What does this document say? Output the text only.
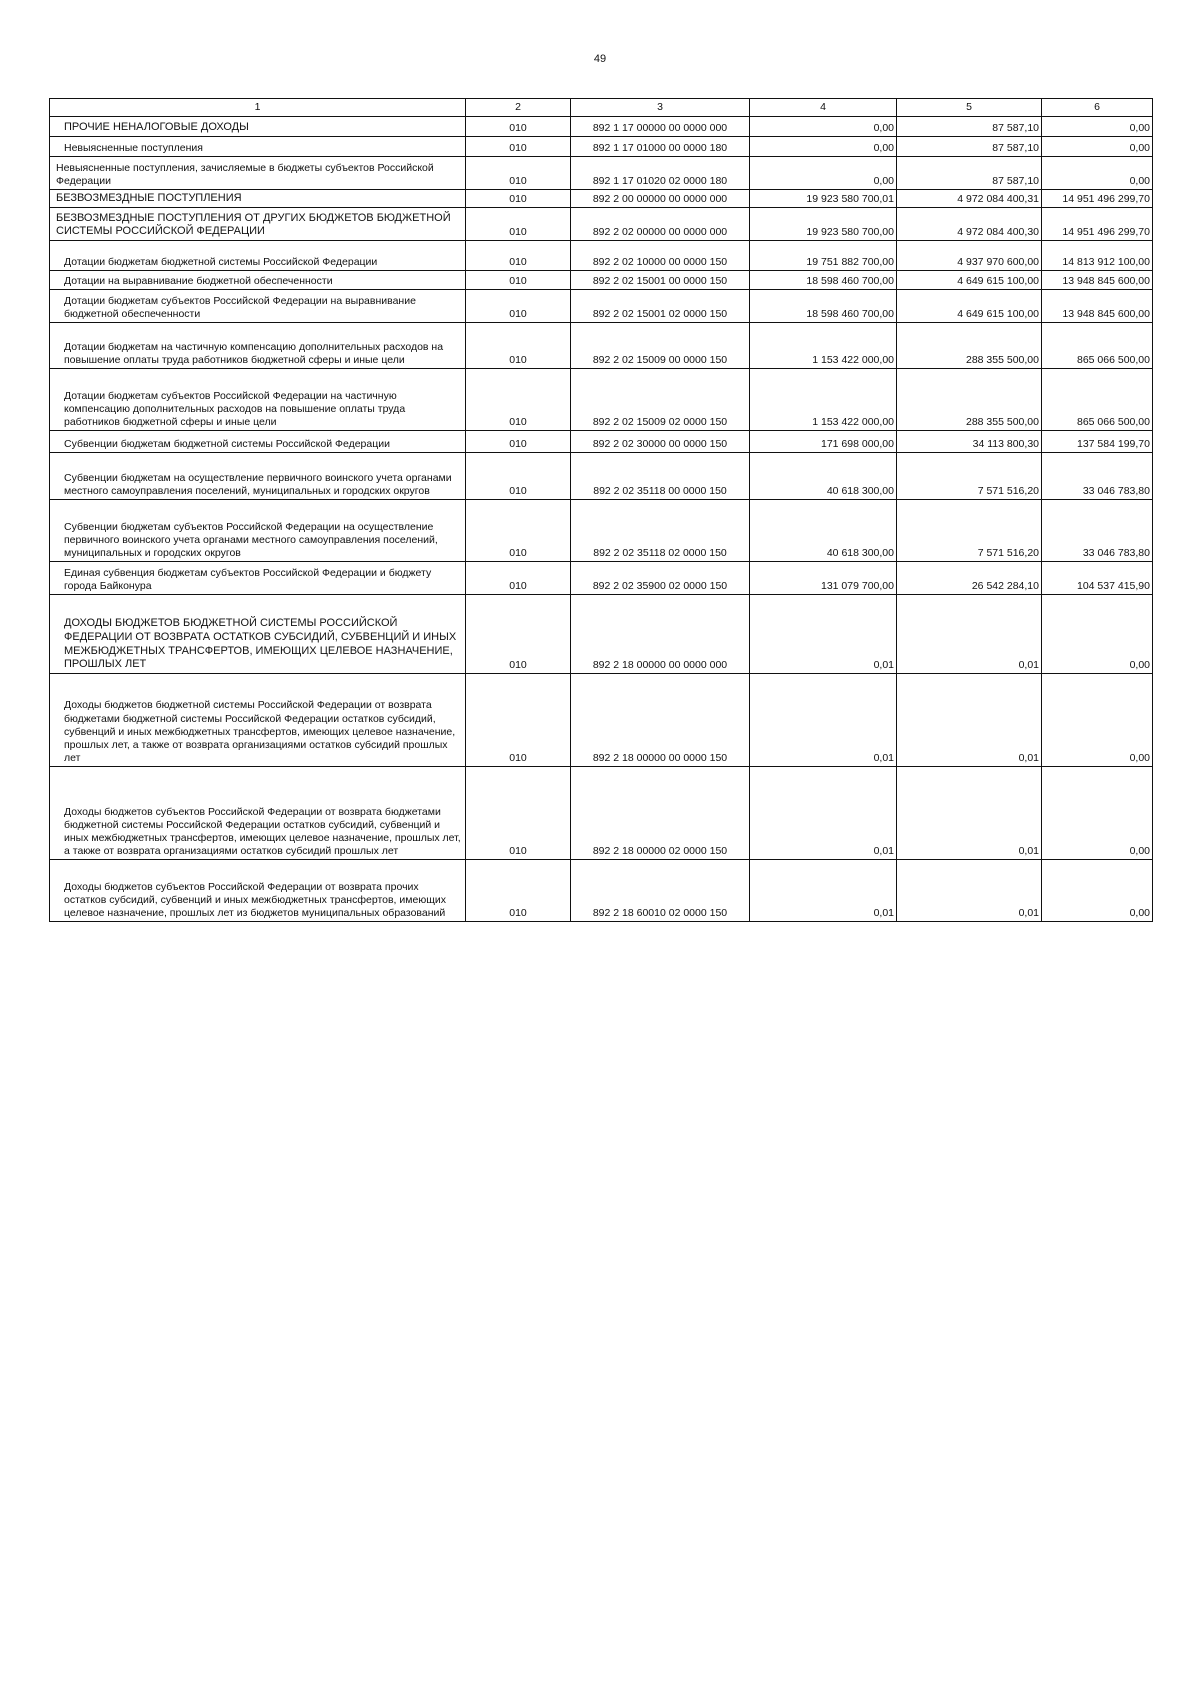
49
1	2	3	4	5	6
ПРОЧИЕ НЕНАЛОГОВЫЕ ДОХОДЫ	010	892 1 17 00000 00 0000 000	0,00	87 587,10	0,00
Невыясненные поступления	010	892 1 17 01000 00 0000 180	0,00	87 587,10	0,00
Невыясненные поступления, зачисляемые в бюджеты субъектов Российской Федерации	010	892 1 17 01020 02 0000 180	0,00	87 587,10	0,00
БЕЗВОЗМЕЗДНЫЕ ПОСТУПЛЕНИЯ	010	892 2 00 00000 00 0000 000	19 923 580 700,01	4 972 084 400,31	14 951 496 299,70
БЕЗВОЗМЕЗДНЫЕ ПОСТУПЛЕНИЯ ОТ ДРУГИХ БЮДЖЕТОВ БЮДЖЕТНОЙ СИСТЕМЫ РОССИЙСКОЙ ФЕДЕРАЦИИ	010	892 2 02 00000 00 0000 000	19 923 580 700,00	4 972 084 400,30	14 951 496 299,70
Дотации бюджетам бюджетной системы Российской Федерации	010	892 2 02 10000 00 0000 150	19 751 882 700,00	4 937 970 600,00	14 813 912 100,00
Дотации на выравнивание бюджетной обеспеченности	010	892 2 02 15001 00 0000 150	18 598 460 700,00	4 649 615 100,00	13 948 845 600,00
Дотации бюджетам субъектов Российской Федерации на выравнивание бюджетной обеспеченности	010	892 2 02 15001 02 0000 150	18 598 460 700,00	4 649 615 100,00	13 948 845 600,00
Дотации бюджетам на частичную компенсацию дополнительных расходов на повышение оплаты труда работников бюджетной сферы и иные цели	010	892 2 02 15009 00 0000 150	1 153 422 000,00	288 355 500,00	865 066 500,00
Дотации бюджетам субъектов Российской Федерации на частичную компенсацию дополнительных расходов на повышение оплаты труда работников бюджетной сферы и иные цели	010	892 2 02 15009 02 0000 150	1 153 422 000,00	288 355 500,00	865 066 500,00
Субвенции бюджетам бюджетной системы Российской Федерации	010	892 2 02 30000 00 0000 150	171 698 000,00	34 113 800,30	137 584 199,70
Субвенции бюджетам на осуществление первичного воинского учета органами местного самоуправления поселений, муниципальных и городских округов	010	892 2 02 35118 00 0000 150	40 618 300,00	7 571 516,20	33 046 783,80
Субвенции бюджетам субъектов Российской Федерации на осуществление первичного воинского учета органами местного самоуправления поселений, муниципальных и городских округов	010	892 2 02 35118 02 0000 150	40 618 300,00	7 571 516,20	33 046 783,80
Единая субвенция бюджетам субъектов Российской Федерации и бюджету города Байконура	010	892 2 02 35900 02 0000 150	131 079 700,00	26 542 284,10	104 537 415,90
ДОХОДЫ БЮДЖЕТОВ БЮДЖЕТНОЙ СИСТЕМЫ РОССИЙСКОЙ ФЕДЕРАЦИИ ОТ ВОЗВРАТА ОСТАТКОВ СУБСИДИЙ, СУБВЕНЦИЙ И ИНЫХ МЕЖБЮДЖЕТНЫХ ТРАНСФЕРТОВ, ИМЕЮЩИХ ЦЕЛЕВОЕ НАЗНАЧЕНИЕ, ПРОШЛЫХ ЛЕТ	010	892 2 18 00000 00 0000 000	0,01	0,01	0,00
Доходы бюджетов бюджетной системы Российской Федерации от возврата бюджетами бюджетной системы Российской Федерации остатков субсидий, субвенций и иных межбюджетных трансфертов, имеющих целевое назначение, прошлых лет, а также от возврата организациями остатков субсидий прошлых лет	010	892 2 18 00000 00 0000 150	0,01	0,01	0,00
Доходы бюджетов субъектов Российской Федерации от возврата бюджетами бюджетной системы Российской Федерации остатков субсидий, субвенций и иных межбюджетных трансфертов, имеющих целевое назначение, прошлых лет, а также от возврата организациями остатков субсидий прошлых лет	010	892 2 18 00000 02 0000 150	0,01	0,01	0,00
Доходы бюджетов субъектов Российской Федерации от возврата прочих остатков субсидий, субвенций и иных межбюджетных трансфертов, имеющих целевое назначение, прошлых лет из бюджетов муниципальных образований	010	892 2 18 60010 02 0000 150	0,01	0,01	0,00
